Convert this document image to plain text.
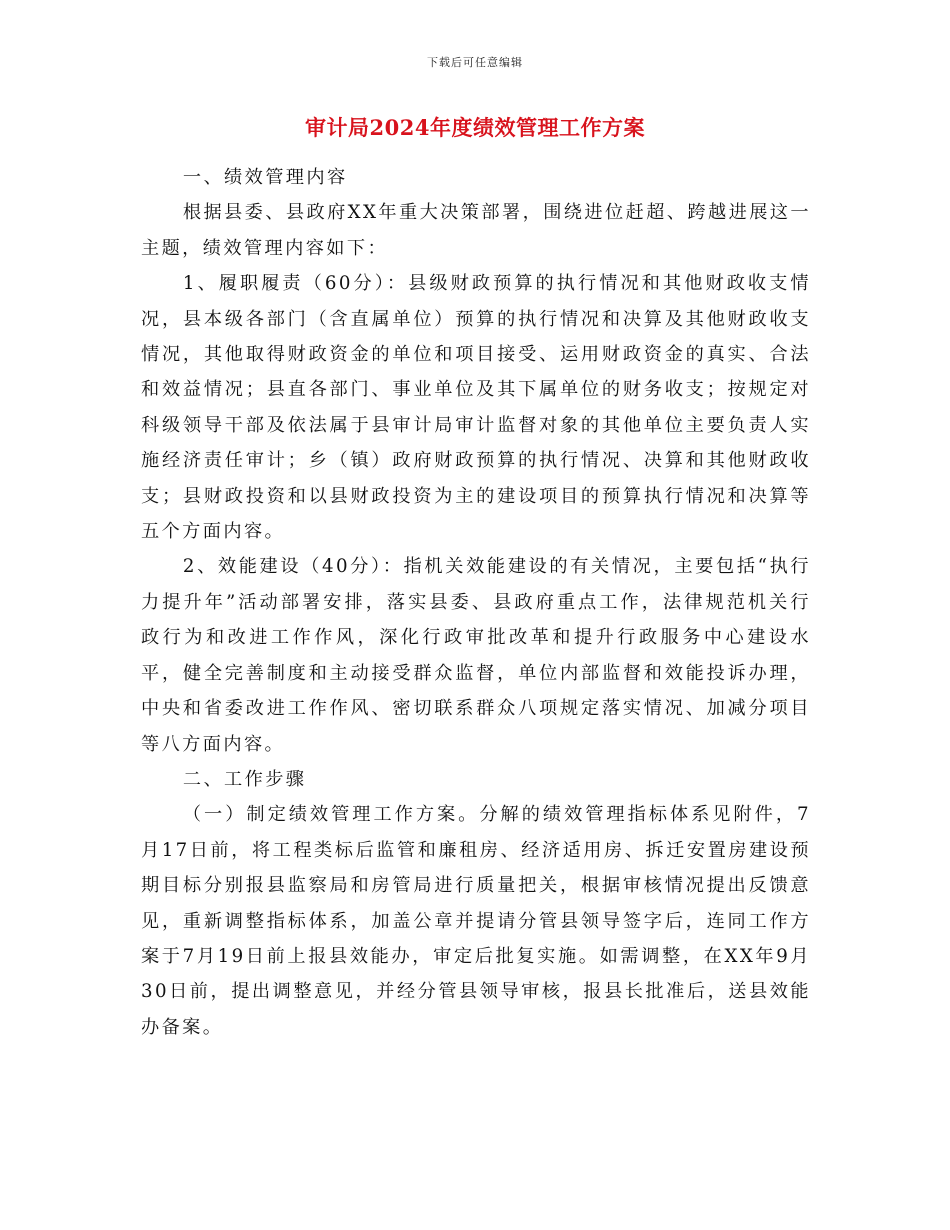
下载后可任意编辑
审计局2024年度绩效管理工作方案

一、绩效管理内容

根据县委、县政府XX年重大决策部署，围绕进位赶超、跨越进展这一主题，绩效管理内容如下：

1、履职履责（60分）：县级财政预算的执行情况和其他财政收支情况，县本级各部门（含直属单位）预算的执行情况和决算及其他财政收支情况，其他取得财政资金的单位和项目接受、运用财政资金的真实、合法和效益情况；县直各部门、事业单位及其下属单位的财务收支；按规定对科级领导干部及依法属于县审计局审计监督对象的其他单位主要负责人实施经济责任审计；乡（镇）政府财政预算的执行情况、决算和其他财政收支；县财政投资和以县财政投资为主的建设项目的预算执行情况和决算等五个方面内容。

2、效能建设（40分）：指机关效能建设的有关情况，主要包括“执行力提升年”活动部署安排，落实县委、县政府重点工作，法律规范机关行政行为和改进工作作风，深化行政审批改革和提升行政服务中心建设水平，健全完善制度和主动接受群众监督，单位内部监督和效能投诉办理，中央和省委改进工作作风、密切联系群众八项规定落实情况、加减分项目等八方面内容。

二、工作步骤

（一）制定绩效管理工作方案。分解的绩效管理指标体系见附件，7月17日前，将工程类标后监管和廉租房、经济适用房、拆迁安置房建设预期目标分别报县监察局和房管局进行质量把关，根据审核情况提出反馈意见，重新调整指标体系，加盖公章并提请分管县领导签字后，连同工作方案于7月19日前上报县效能办，审定后批复实施。如需调整，在XX年9月30日前，提出调整意见，并经分管县领导审核，报县长批准后，送县效能办备案。
